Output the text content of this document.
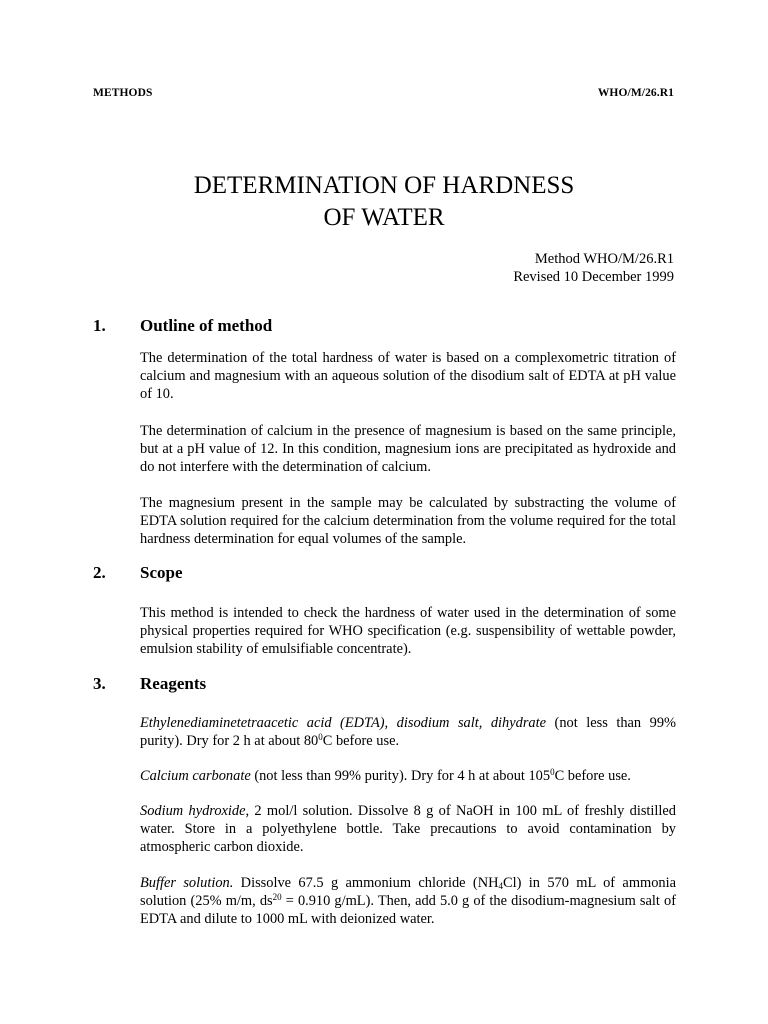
METHODS	WHO/M/26.R1
DETERMINATION OF HARDNESS
OF WATER
Method WHO/M/26.R1
Revised 10 December 1999
1. Outline of method

The determination of the total hardness of water is based on a complexometric titration of calcium and magnesium with an aqueous solution of the disodium salt of EDTA at pH value of 10.

The determination of calcium in the presence of magnesium is based on the same principle, but at a pH value of 12. In this condition, magnesium ions are precipitated as hydroxide and do not interfere with the determination of calcium.

The magnesium present in the sample may be calculated by substracting the volume of EDTA solution required for the calcium determination from the volume required for the total hardness determination for equal volumes of the sample.

2. Scope

This method is intended to check the hardness of water used in the determination of some physical properties required for WHO specification (e.g. suspensibility of wettable powder, emulsion stability of emulsifiable concentrate).

3. Reagents

Ethylenediaminetetraacetic acid (EDTA), disodium salt, dihydrate (not less than 99% purity). Dry for 2 h at about $80^0C$ before use.

Calcium carbonate (not less than 99% purity). Dry for 4 h at about $105^0C$ before use.

Sodium hydroxide, 2 mol/l solution. Dissolve 8 g of NaOH in 100 mL of freshly distilled water. Store in a polyethylene bottle. Take precautions to avoid contamination by atmospheric carbon dioxide.

Buffer solution. Dissolve 67.5 g ammonium chloride $(NH_4Cl)$ in 570 mL of ammonia solution (25% m/m, $ds^{20} = 0.910$ g/mL). Then, add 5.0 g of the disodium-magnesium salt of EDTA and dilute to 1000 mL with deionized water.
